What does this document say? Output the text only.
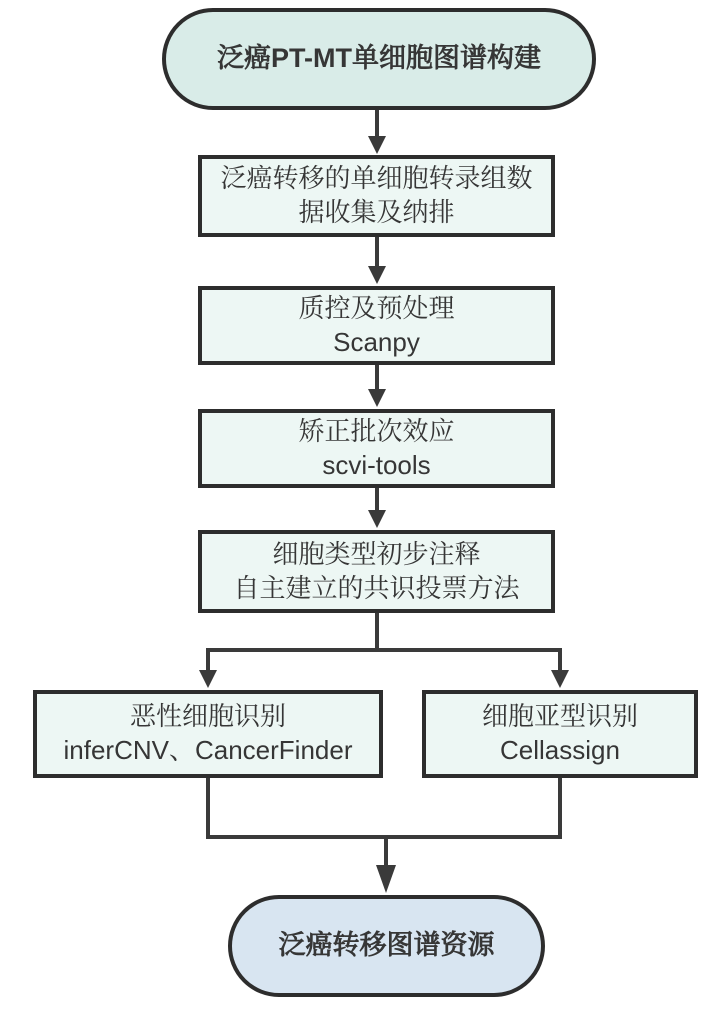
泛癌PT-MT单细胞图谱构建
泛癌转移的单细胞转录组数
据收集及纳排
质控及预处理
Scanpy
矫正批次效应
scvi-tools
细胞类型初步注释
自主建立的共识投票方法
恶性细胞识别
inferCNV、CancerFinder
细胞亚型识别
Cellassign
泛癌转移图谱资源
